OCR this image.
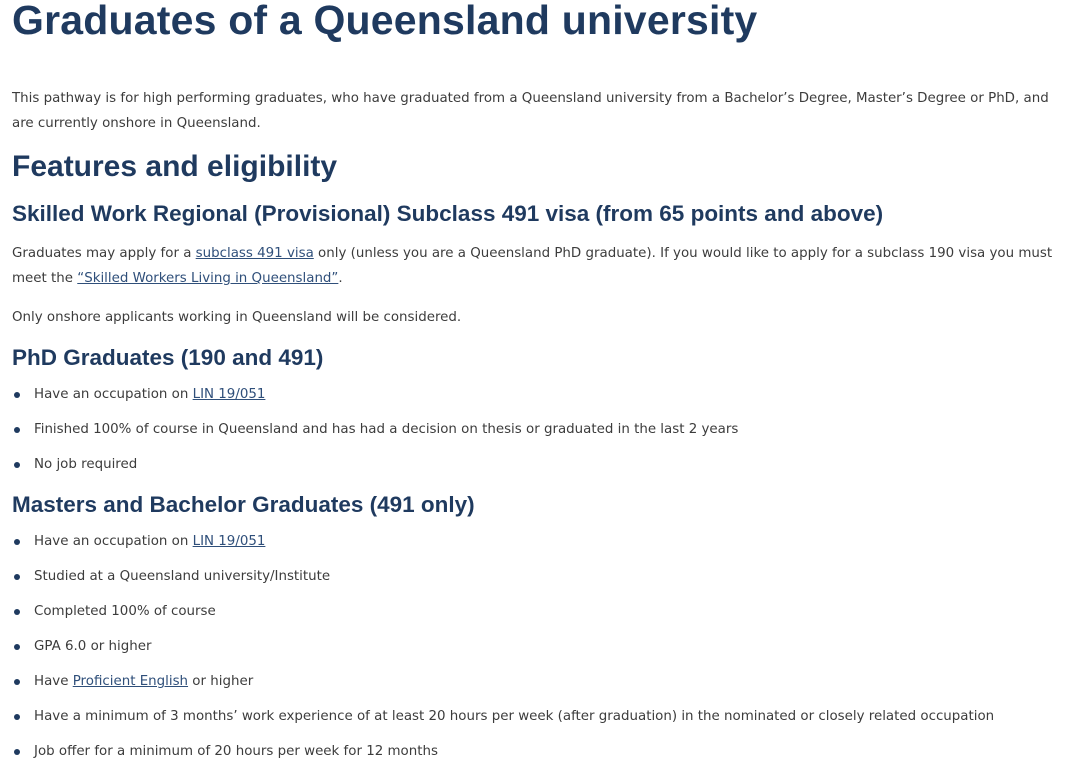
Graduates of a Queensland university

This pathway is for high performing graduates, who have graduated from a Queensland university from a Bachelor’s Degree, Master’s Degree or PhD, and are currently onshore in Queensland.

Features and eligibility
Skilled Work Regional (Provisional) Subclass 491 visa (from 65 points and above)

Graduates may apply for a subclass 491 visa only (unless you are a Queensland PhD graduate). If you would like to apply for a subclass 190 visa you must meet the “Skilled Workers Living in Queensland”.

Only onshore applicants working in Queensland will be considered.

PhD Graduates (190 and 491)
Have an occupation on LIN 19/051
Finished 100% of course in Queensland and has had a decision on thesis or graduated in the last 2 years
No job required
Masters and Bachelor Graduates (491 only)
Have an occupation on LIN 19/051
Studied at a Queensland university/Institute
Completed 100% of course
GPA 6.0 or higher
Have Proficient English or higher
Have a minimum of 3 months’ work experience of at least 20 hours per week (after graduation) in the nominated or closely related occupation
Job offer for a minimum of 20 hours per week for 12 months
